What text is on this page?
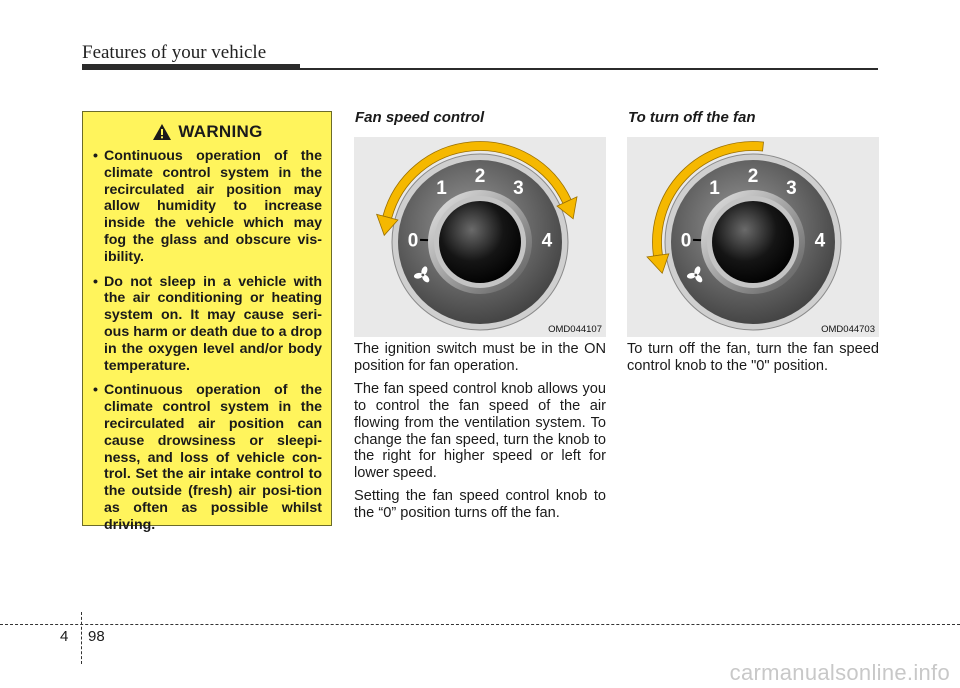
Features of your vehicle
WARNING
• Continuous operation of the climate control system in the recirculated air position may allow humidity to increase inside the vehicle which may fog the glass and obscure vis-ibility.
• Do not sleep in a vehicle with the air conditioning or heating system on. It may cause seri-ous harm or death due to a drop in the oxygen level and/or body temperature.
• Continuous operation of the climate control system in the recirculated air position can cause drowsiness or sleepi-ness, and loss of vehicle con-trol. Set the air intake control to the outside (fresh) air posi-tion as often as possible whilst driving.
Fan speed control
0
1
2
3
4
OMD044107

The ignition switch must be in the ON position for fan operation.

The fan speed control knob allows you to control the fan speed of the air flowing from the ventilation system. To change the fan speed, turn the knob to the right for higher speed or left for lower speed.

Setting the fan speed control knob to the “0” position turns off the fan.

To turn off the fan
0
1
2
3
4
OMD044703

To turn off the fan, turn the fan speed control knob to the "0" position.

4 98
carmanualsonline.info
